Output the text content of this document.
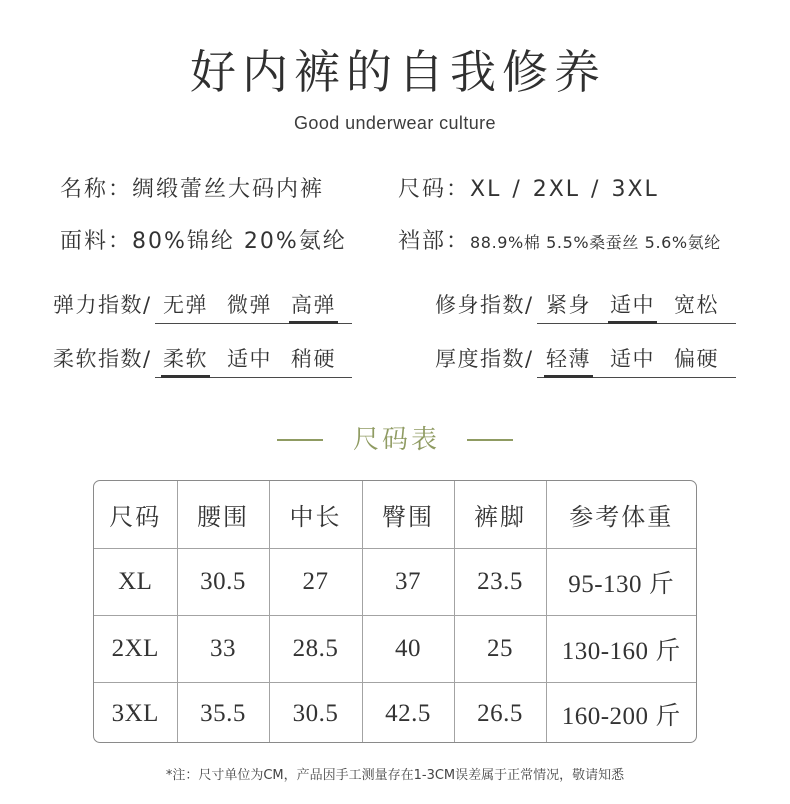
好内裤的自我修养
Good underwear culture
名称：绸缎蕾丝大码内裤	尺码：XL / 2XL / 3XL
面料：80%锦纶 20%氨纶 裆部：88.9%棉 5.5%桑蚕丝 5.6%氨纶
弹力指数/ 无弹 微弹 高弹	修身指数/ 紧身 适中 宽松
柔软指数/ 柔软 适中 稍硬	厚度指数/ 轻薄 适中 偏硬
尺码表
尺码	腰围	中长	臀围	裤脚	参考体重
XL	30.5	27	37	23.5	95-130 斤
2XL	33	28.5	40	25	130-160 斤
3XL	35.5	30.5	42.5	26.5	160-200 斤
*注：尺寸单位为CM，产品因手工测量存在1-3CM误差属于正常情况，敬请知悉
